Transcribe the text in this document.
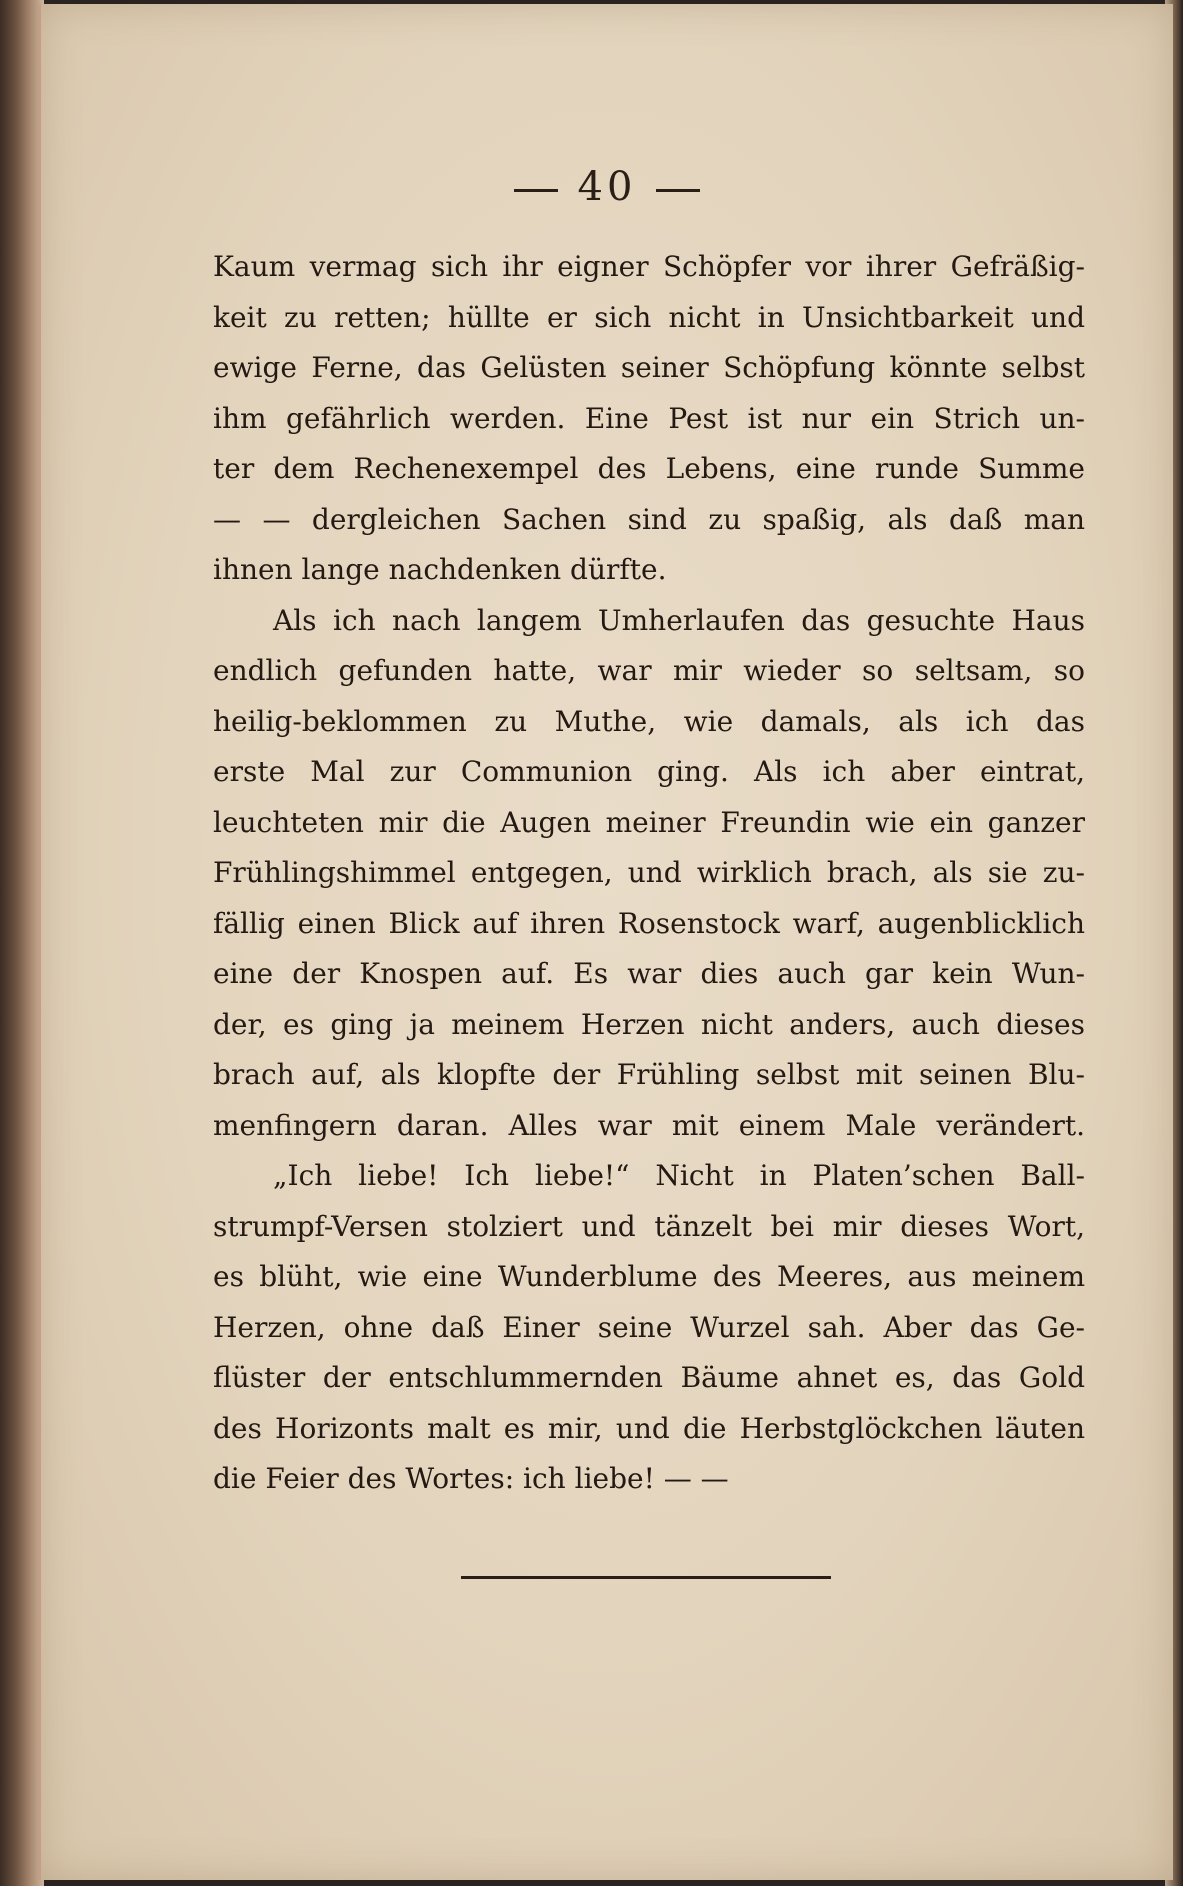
40
Kaum vermag sich ihr eigner Schöpfer vor ihrer Gefräßig-
keit zu retten; hüllte er sich nicht in Unsichtbarkeit und
ewige Ferne, das Gelüsten seiner Schöpfung könnte selbst
ihm gefährlich werden. Eine Pest ist nur ein Strich un-
ter dem Rechenexempel des Lebens, eine runde Summe
— — dergleichen Sachen sind zu spaßig, als daß man
ihnen lange nachdenken dürfte.
Als ich nach langem Umherlaufen das gesuchte Haus
endlich gefunden hatte, war mir wieder so seltsam, so
heilig-beklommen zu Muthe, wie damals, als ich das
erste Mal zur Communion ging. Als ich aber eintrat,
leuchteten mir die Augen meiner Freundin wie ein ganzer
Frühlingshimmel entgegen, und wirklich brach, als sie zu-
fällig einen Blick auf ihren Rosenstock warf, augenblicklich
eine der Knospen auf. Es war dies auch gar kein Wun-
der, es ging ja meinem Herzen nicht anders, auch dieses
brach auf, als klopfte der Frühling selbst mit seinen Blu-
menfingern daran. Alles war mit einem Male verändert.
„Ich liebe! Ich liebe!“ Nicht in Platen’schen Ball-
strumpf-Versen stolziert und tänzelt bei mir dieses Wort,
es blüht, wie eine Wunderblume des Meeres, aus meinem
Herzen, ohne daß Einer seine Wurzel sah. Aber das Ge-
flüster der entschlummernden Bäume ahnet es, das Gold
des Horizonts malt es mir, und die Herbstglöckchen läuten
die Feier des Wortes: ich liebe! — —
